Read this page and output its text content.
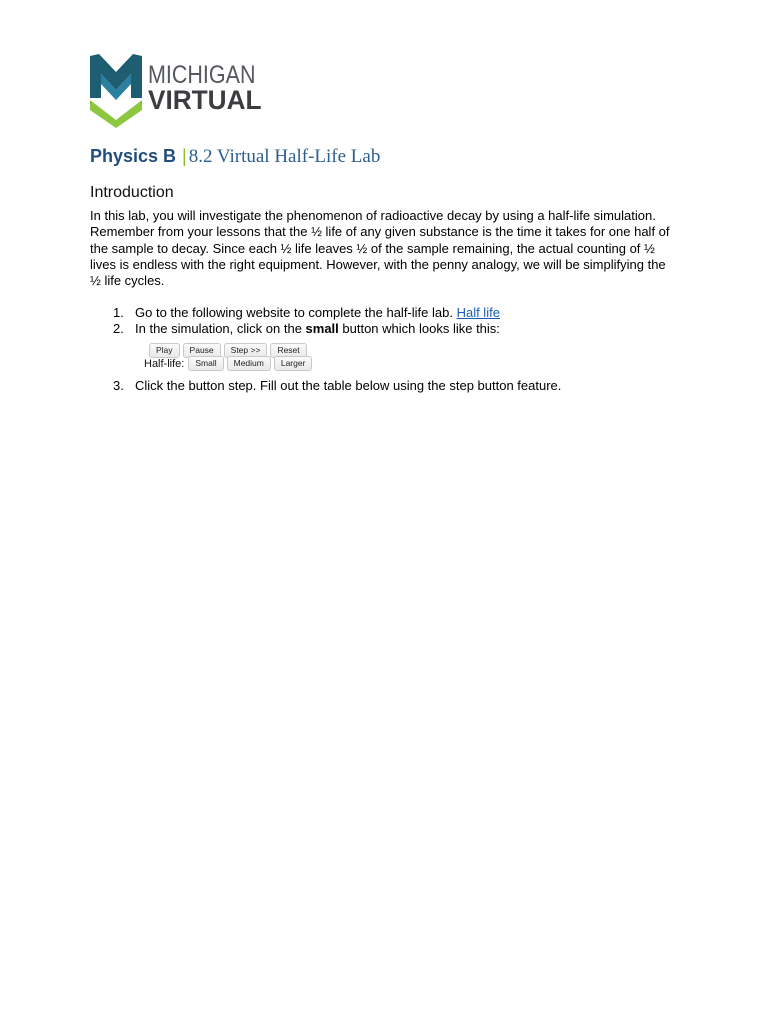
MICHIGAN
VIRTUAL
Physics B | 8.2 Virtual Half-Life Lab
Introduction

In this lab, you will investigate the phenomenon of radioactive decay by using a half-life simulation. Remember from your lessons that the ½ life of any given substance is the time it takes for one half of the sample to decay. Since each ½ life leaves ½ of the sample remaining, the actual counting of ½ lives is endless with the right equipment. However, with the penny analogy, we will be simplifying the ½ life cycles.

1. Go to the following website to complete the half-life lab. Half life
2. In the simulation, click on the small button which looks like this:
Play Pause Step >> Reset
Half-life:	Small	Medium	Larger
3. Click the button step. Fill out the table below using the step button feature.
